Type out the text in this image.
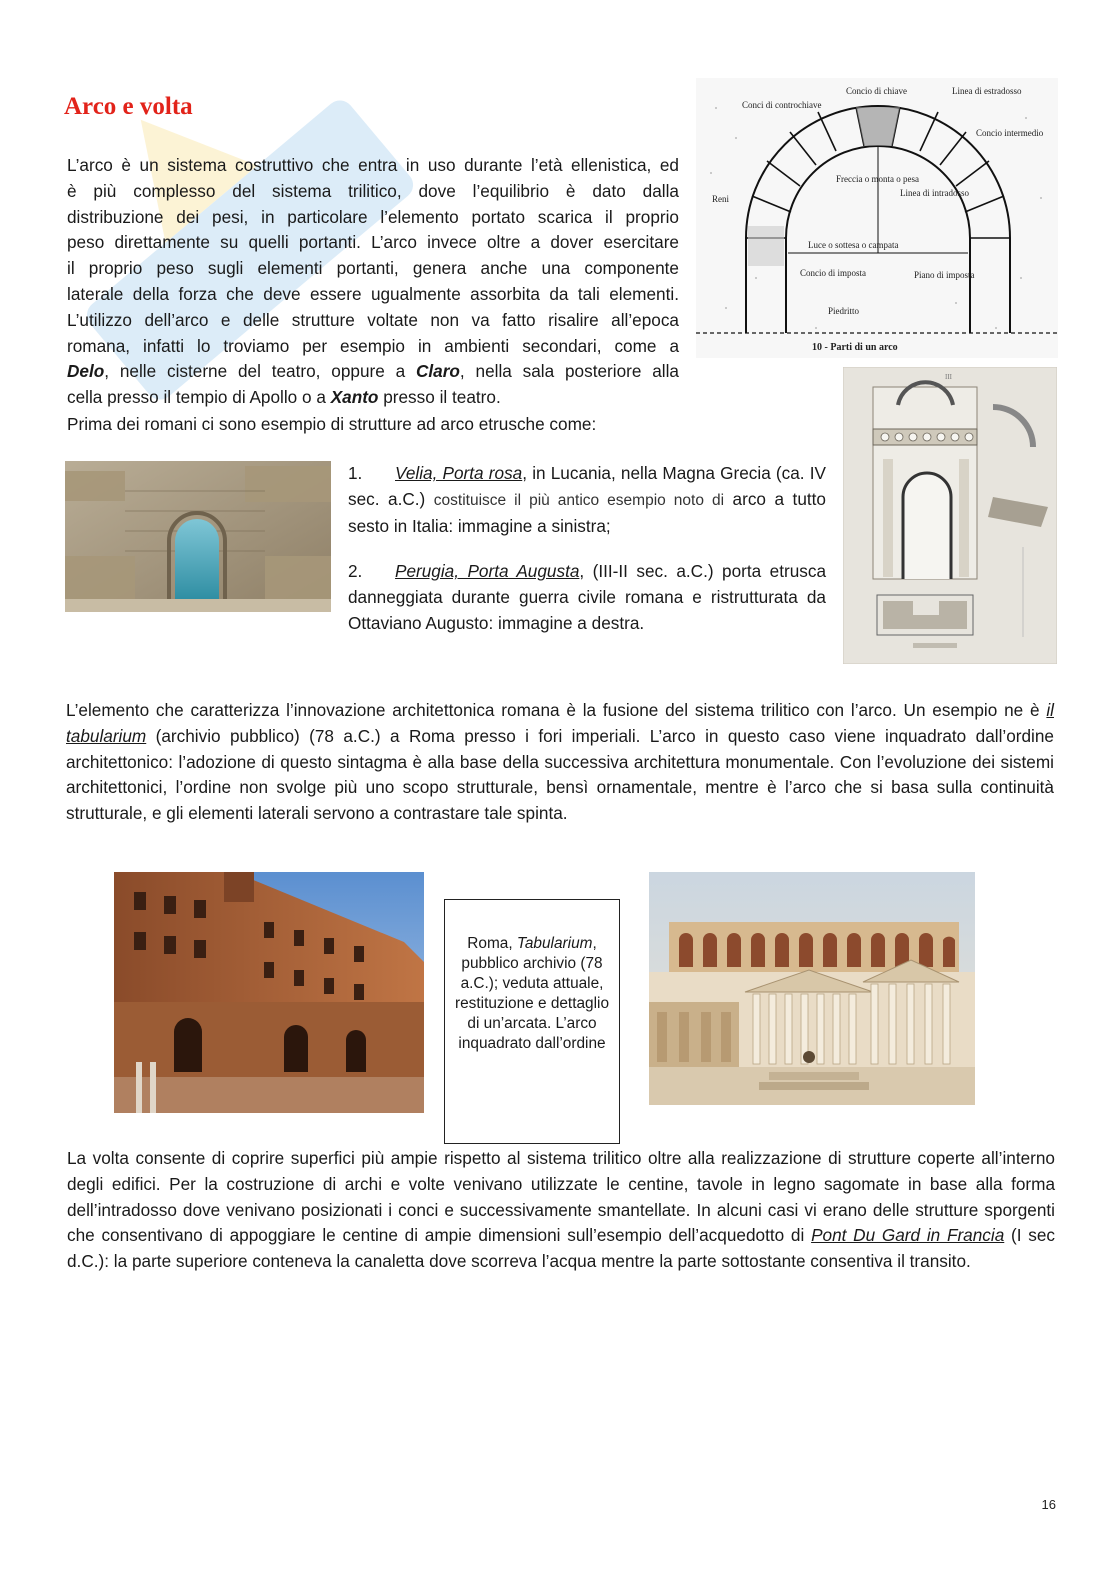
Arco e volta
L’arco è un sistema costruttivo che entra in uso durante l’età ellenistica, ed
è più complesso del sistema trilitico, dove l’equilibrio è dato dalla
distribuzione dei pesi, in particolare l’elemento portato scarica il proprio
peso direttamente su quelli portanti. L’arco invece oltre a dover esercitare
il proprio peso sugli elementi portanti, genera anche una componente
laterale della forza che deve essere ugualmente assorbita da tali elementi.
L’utilizzo dell’arco e delle strutture voltate non va fatto risalire all’epoca
romana, infatti lo troviamo per esempio in ambienti secondari, come a
Delo, nelle cisterne del teatro, oppure a Claro, nella sala posteriore alla
cella presso il tempio di Apollo o a Xanto presso il teatro.
Prima dei romani ci sono esempio di strutture ad arco etrusche come:
Concio di chiave
Conci di controchiave
Linea di estradosso
Concio intermedio
Freccia o monta o pesa
Linea di intradosso
Reni
Luce o sottesa o campata
Concio di imposta	Piano di imposta
Piedritto
10 - Parti di un arco
1. Velia, Porta rosa, in Lucania, nella Magna Grecia (ca. IV sec. a.C.) costituisce il più antico esempio noto di arco a tutto sesto in Italia: immagine a sinistra;
2. Perugia, Porta Augusta, (III-II sec. a.C.) porta etrusca danneggiata durante guerra civile romana e ristrutturata da Ottaviano Augusto: immagine a destra.
III
L’elemento che caratterizza l’innovazione architettonica romana è la fusione del sistema trilitico con l’arco. Un esempio ne è il tabularium (archivio pubblico) (78 a.C.) a Roma presso i fori imperiali. L’arco in questo caso viene inquadrato dall’ordine architettonico: l’adozione di questo sintagma è alla base della successiva architettura monumentale. Con l’evoluzione dei sistemi architettonici, l’ordine non svolge più uno scopo strutturale, bensì ornamentale, mentre è l’arco che si basa sulla continuità strutturale, e gli elementi laterali servono a contrastare tale spinta.
Roma, Tabularium, pubblico archivio (78 a.C.); veduta attuale, restituzione e dettaglio di un’arcata. L’arco inquadrato dall’ordine
La volta consente di coprire superfici più ampie rispetto al sistema trilitico oltre alla realizzazione di strutture coperte all’interno degli edifici. Per la costruzione di archi e volte venivano utilizzate le centine, tavole in legno sagomate in base alla forma dell’intradosso dove venivano posizionati i conci e successivamente smantellate. In alcuni casi vi erano delle strutture sporgenti che consentivano di appoggiare le centine di ampie dimensioni sull’esempio dell’acquedotto di Pont Du Gard in Francia (I sec d.C.): la parte superiore conteneva la canaletta dove scorreva l’acqua mentre la parte sottostante consentiva il transito.
16
